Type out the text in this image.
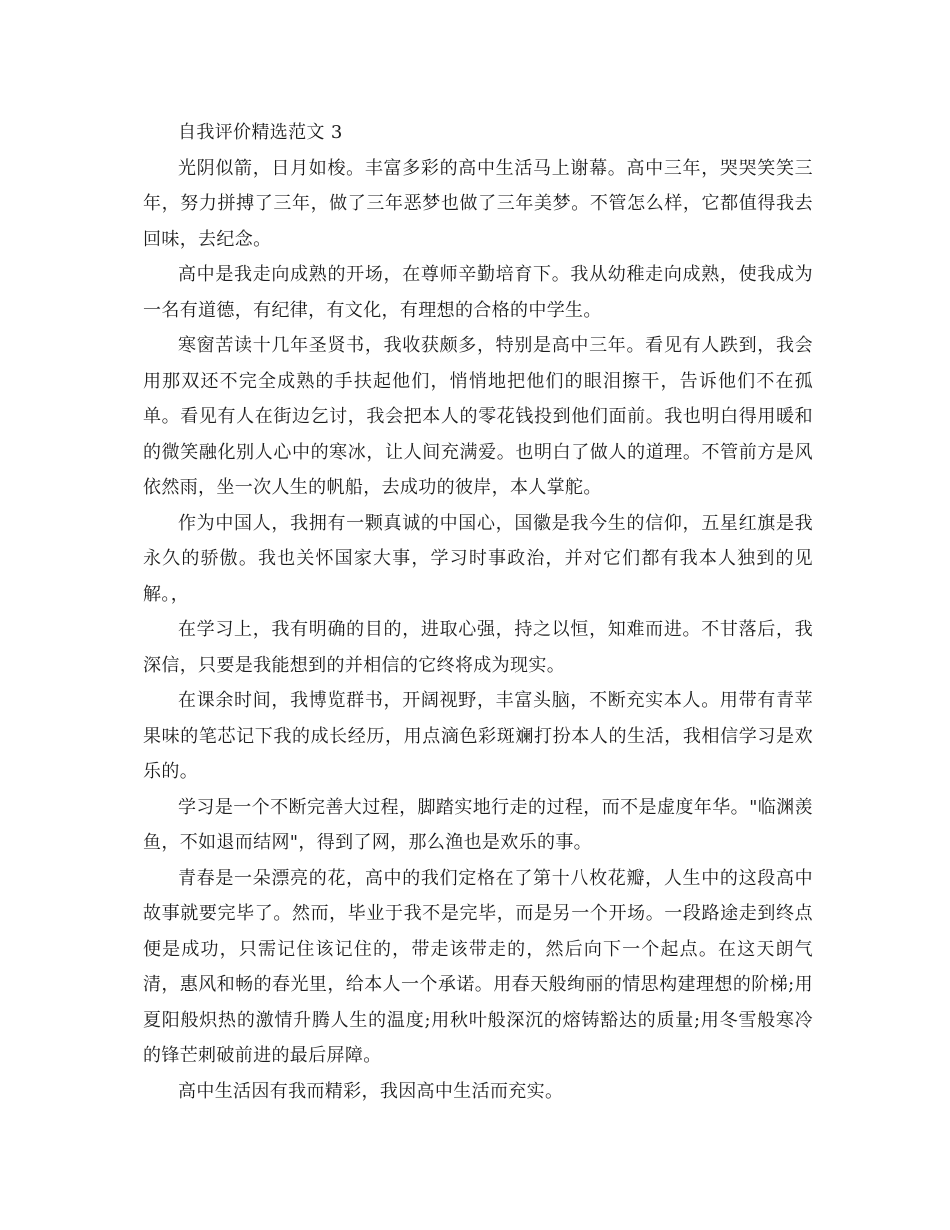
自我评价精选范文 3

光阴似箭，日月如梭。丰富多彩的高中生活马上谢幕。高中三年，哭哭笑笑三年，努力拼搏了三年，做了三年恶梦也做了三年美梦。不管怎么样，它都值得我去回味，去纪念。

高中是我走向成熟的开场，在尊师辛勤培育下。我从幼稚走向成熟，使我成为一名有道德，有纪律，有文化，有理想的合格的中学生。

寒窗苦读十几年圣贤书，我收获颇多，特别是高中三年。看见有人跌到，我会用那双还不完全成熟的手扶起他们，悄悄地把他们的眼泪擦干，告诉他们不在孤单。看见有人在街边乞讨，我会把本人的零花钱投到他们面前。我也明白得用暖和的微笑融化别人心中的寒冰，让人间充满爱。也明白了做人的道理。不管前方是风依然雨，坐一次人生的帆船，去成功的彼岸，本人掌舵。

作为中国人，我拥有一颗真诚的中国心，国徽是我今生的信仰，五星红旗是我永久的骄傲。我也关怀国家大事，学习时事政治，并对它们都有我本人独到的见解。，

在学习上，我有明确的目的，进取心强，持之以恒，知难而进。不甘落后，我深信，只要是我能想到的并相信的它终将成为现实。

在课余时间，我博览群书，开阔视野，丰富头脑，不断充实本人。用带有青苹果味的笔芯记下我的成长经历，用点滴色彩斑斓打扮本人的生活，我相信学习是欢乐的。

学习是一个不断完善大过程，脚踏实地行走的过程，而不是虚度年华。"临渊羡鱼，不如退而结网"，得到了网，那么渔也是欢乐的事。

青春是一朵漂亮的花，高中的我们定格在了第十八枚花瓣，人生中的这段高中故事就要完毕了。然而，毕业于我不是完毕，而是另一个开场。一段路途走到终点便是成功，只需记住该记住的，带走该带走的，然后向下一个起点。在这天朗气清，惠风和畅的春光里，给本人一个承诺。用春天般绚丽的情思构建理想的阶梯;用夏阳般炽热的激情升腾人生的温度;用秋叶般深沉的熔铸豁达的质量;用冬雪般寒冷的锋芒刺破前进的最后屏障。

高中生活因有我而精彩，我因高中生活而充实。
